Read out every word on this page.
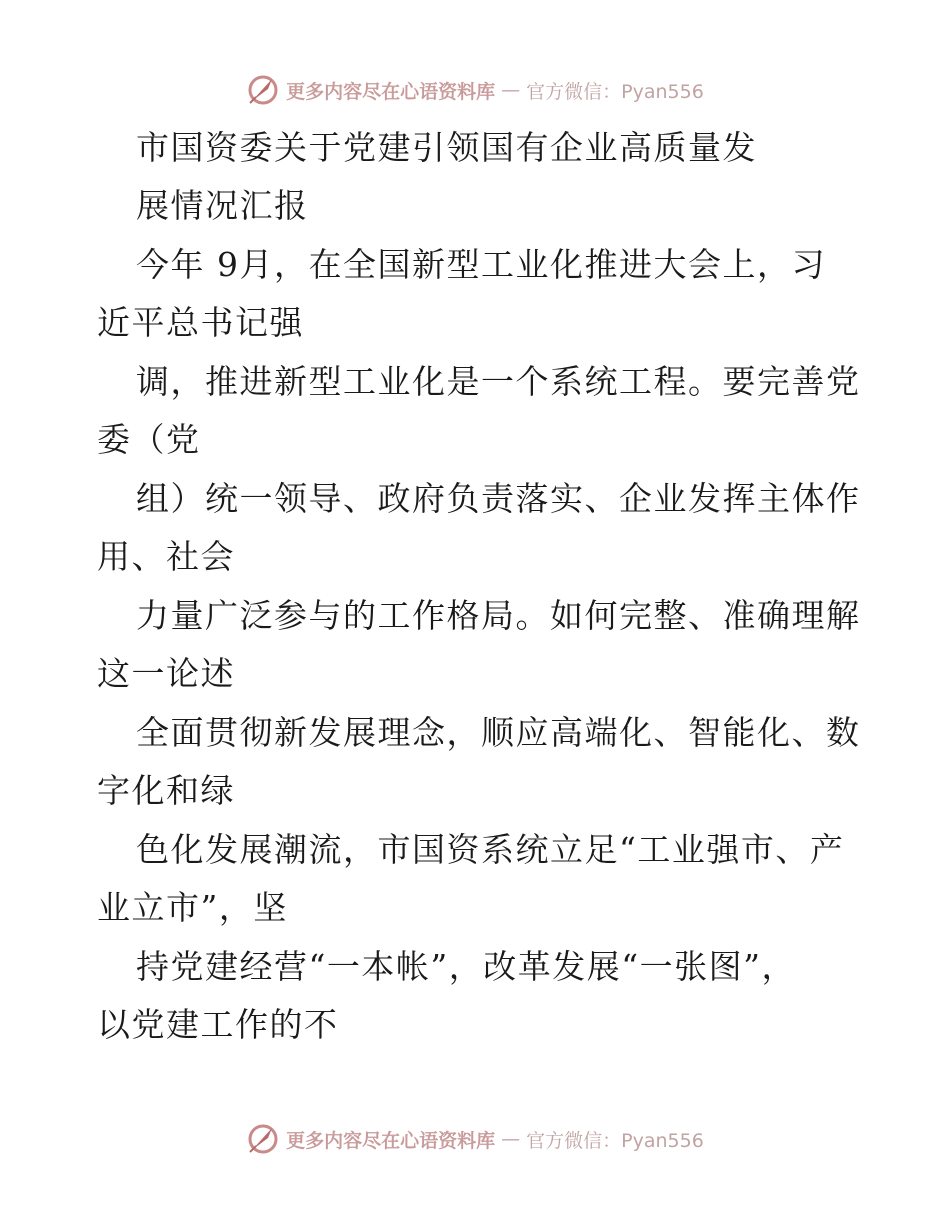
更多内容尽在心语资料库 — 官方微信：Pyan556
市国资委关于党建引领国有企业高质量发
展情况汇报
今年 9月，在全国新型工业化推进大会上，习
近平总书记强
调，推进新型工业化是一个系统工程。要完善党
委（党
组）统一领导、政府负责落实、企业发挥主体作
用、社会
力量广泛参与的工作格局。如何完整、准确理解
这一论述
全面贯彻新发展理念，顺应高端化、智能化、数
字化和绿
色化发展潮流，市国资系统立足“工业强市、产
业立市”，坚
持党建经营“一本帐”，改革发展“一张图”，
以党建工作的不
更多内容尽在心语资料库 — 官方微信：Pyan556
